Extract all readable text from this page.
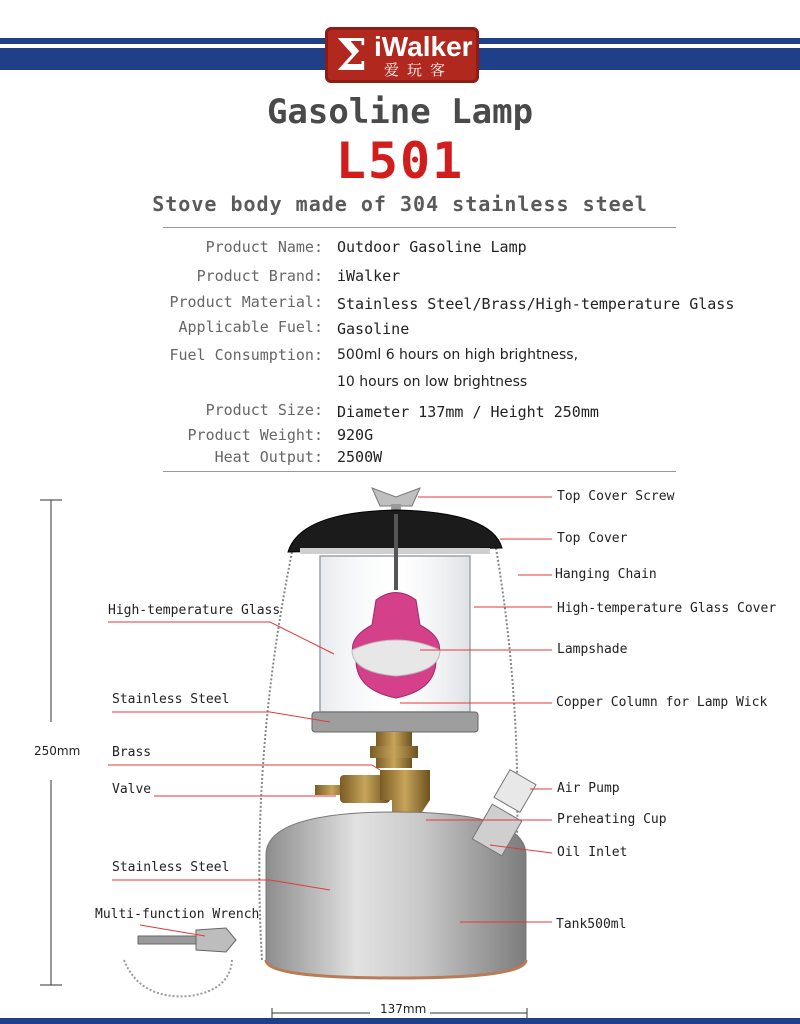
Σ iWalker
爱玩客
Gasoline Lamp
L501
Stove body made of 304 stainless steel
Product Name: Outdoor Gasoline Lamp
Product Brand: iWalker
Product Material: Stainless Steel/Brass/High-temperature Glass
Applicable Fuel: Gasoline
Fuel Consumption: 500ml 6 hours on high brightness,
10 hours on low brightness
Product Size: Diameter 137mm / Height 250mm
Product Weight: 920G
Heat Output: 2500W
250mm
137mm
Top Cover Screw
Top Cover
Hanging Chain
High-temperature Glass Cover
Lampshade
Copper Column for Lamp Wick
Air Pump
Preheating Cup
Oil Inlet
Tank500ml
High-temperature Glass
Stainless Steel
Brass
Valve
Stainless Steel
Multi-function Wrench
